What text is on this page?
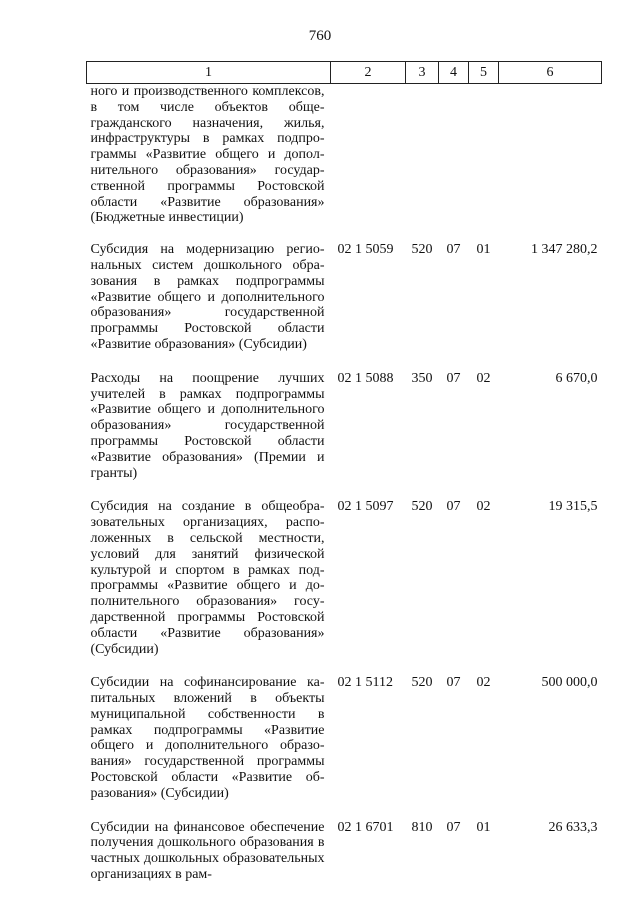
760
1	2	3	4	5	6
ного и производственного комплексов, в том числе объектов общегражданского назначения, жилья, инфраструктуры в рамках подпрограммы «Развитие общего и дополнительного образования» государственной программы Ростовской области «Развитие образования» (Бюджетные инвестиции)					
Субсидия на модернизацию региональных систем дошкольного образования в рамках подпрограммы «Развитие общего и дополнительного образования» государственной программы Ростовской области «Развитие образования» (Субсидии)	02 1 5059	520	07	01	1 347 280,2
Расходы на поощрение лучших учителей в рамках подпрограммы «Развитие общего и дополнительного образования» государственной программы Ростовской области «Развитие образования» (Премии и гранты)	02 1 5088	350	07	02	6 670,0
Субсидия на создание в общеобразовательных организациях, расположенных в сельской местности, условий для занятий физической культурой и спортом в рамках подпрограммы «Развитие общего и дополнительного образования» государственной программы Ростовской области «Развитие образования» (Субсидии)	02 1 5097	520	07	02	19 315,5
Субсидии на софинансирование капитальных вложений в объекты муниципальной собственности в рамках подпрограммы «Развитие общего и дополнительного образования» государственной программы Ростовской области «Развитие образования» (Субсидии)	02 1 5112	520	07	02	500 000,0
Субсидии на финансовое обеспечение получения дошкольного образования в частных дошкольных образовательных организациях в рам-	02 1 6701	810	07	01	26 633,3
